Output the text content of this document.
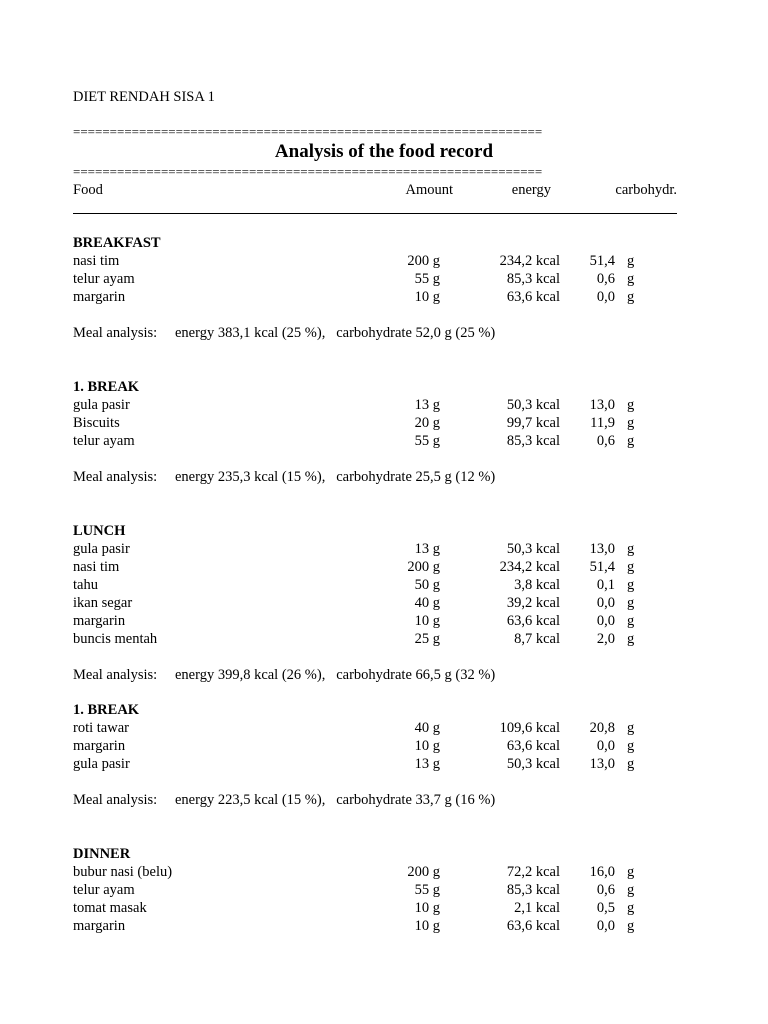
DIET RENDAH SISA 1
================================================================
Analysis of the food record
================================================================
Food	Amount	energy	carbohydr.
BREAKFAST
nasi tim	200 g	234,2 kcal	51,4 g
telur ayam	55 g	85,3 kcal	0,6 g
margarin	10 g	63,6 kcal	0,0 g
Meal analysis: energy 383,1 kcal (25 %), carbohydrate 52,0 g (25 %)
1. BREAK
gula pasir	13 g	50,3 kcal	13,0 g
Biscuits	20 g	99,7 kcal	11,9 g
telur ayam	55 g	85,3 kcal	0,6 g
Meal analysis: energy 235,3 kcal (15 %), carbohydrate 25,5 g (12 %)
LUNCH
gula pasir	13 g	50,3 kcal	13,0 g
nasi tim	200 g	234,2 kcal	51,4 g
tahu	50 g	3,8 kcal	0,1 g
ikan segar	40 g	39,2 kcal	0,0 g
margarin	10 g	63,6 kcal	0,0 g
buncis mentah	25 g	8,7 kcal	2,0 g
Meal analysis: energy 399,8 kcal (26 %), carbohydrate 66,5 g (32 %)
1. BREAK
roti tawar	40 g	109,6 kcal	20,8 g
margarin	10 g	63,6 kcal	0,0 g
gula pasir	13 g	50,3 kcal	13,0 g
Meal analysis: energy 223,5 kcal (15 %), carbohydrate 33,7 g (16 %)
DINNER
bubur nasi (belu)	200 g	72,2 kcal	16,0 g
telur ayam	55 g	85,3 kcal	0,6 g
tomat masak	10 g	2,1 kcal	0,5 g
margarin	10 g	63,6 kcal	0,0 g
